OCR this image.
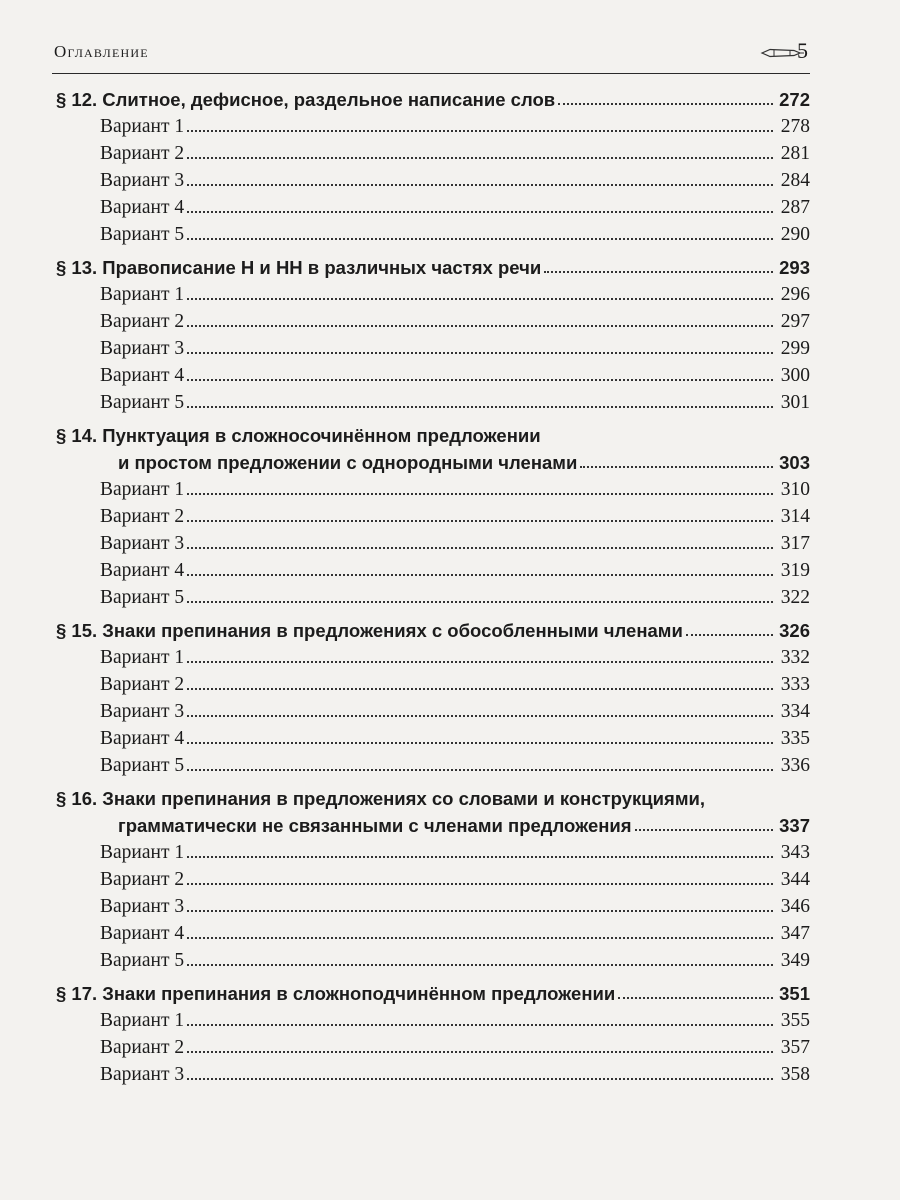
Оглавление	5
§ 12. Слитное, дефисное, раздельное написание слов	272
Вариант 1	278
Вариант 2	281
Вариант 3	284
Вариант 4	287
Вариант 5	290
§ 13. Правописание Н и НН в различных частях речи	293
Вариант 1	296
Вариант 2	297
Вариант 3	299
Вариант 4	300
Вариант 5	301
§ 14. Пунктуация в сложносочинённом предложении
и простом предложении с однородными членами	303
Вариант 1	310
Вариант 2	314
Вариант 3	317
Вариант 4	319
Вариант 5	322
§ 15. Знаки препинания в предложениях с обособленными членами	326
Вариант 1	332
Вариант 2	333
Вариант 3	334
Вариант 4	335
Вариант 5	336
§ 16. Знаки препинания в предложениях со словами и конструкциями,
грамматически не связанными с членами предложения	337
Вариант 1	343
Вариант 2	344
Вариант 3	346
Вариант 4	347
Вариант 5	349
§ 17. Знаки препинания в сложноподчинённом предложении	351
Вариант 1	355
Вариант 2	357
Вариант 3	358
